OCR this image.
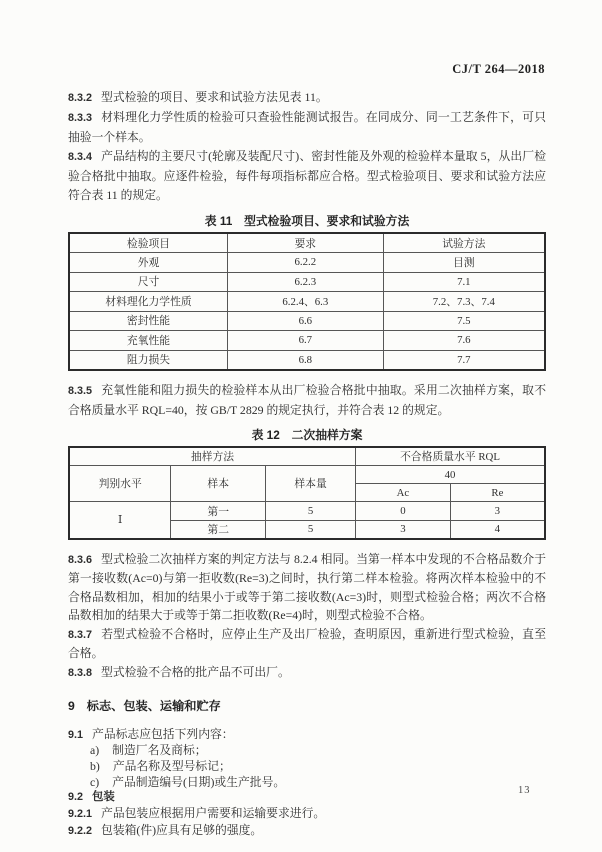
CJ/T 264—2018

8.3.2 型式检验的项目、要求和试验方法见表 11。

8.3.3 材料理化力学性质的检验可只查验性能测试报告。在同成分、同一工艺条件下，可只抽验一个样本。

8.3.4 产品结构的主要尺寸(轮廓及装配尺寸)、密封性能及外观的检验样本量取 5，从出厂检验合格批中抽取。应逐件检验，每件每项指标都应合格。型式检验项目、要求和试验方法应符合表 11 的规定。

表 11　型式检验项目、要求和试验方法
检验项目	要求	试验方法
外观	6.2.2	目测
尺寸	6.2.3	7.1
材料理化力学性质	6.2.4、6.3	7.2、7.3、7.4
密封性能	6.6	7.5
充氧性能	6.7	7.6
阻力损失	6.8	7.7

8.3.5 充氧性能和阻力损失的检验样本从出厂检验合格批中抽取。采用二次抽样方案，取不合格质量水平 RQL=40，按 GB/T 2829 的规定执行，并符合表 12 的规定。

表 12　二次抽样方案
抽样方法			不合格质量水平 RQL	
判别水平	样本	样本量	40	
			Ac	Re
Ⅰ	第一	5	0	3
	第二	5	3	4

8.3.6 型式检验二次抽样方案的判定方法与 8.2.4 相同。当第一样本中发现的不合格品数介于第一接收数(Ac=0)与第一拒收数(Re=3)之间时，执行第二样本检验。将两次样本检验中的不合格品数相加，相加的结果小于或等于第二接收数(Ac=3)时，则型式检验合格；两次不合格品数相加的结果大于或等于第二拒收数(Re=4)时，则型式检验不合格。

8.3.7 若型式检验不合格时，应停止生产及出厂检验，查明原因，重新进行型式检验，直至合格。

8.3.8 型式检验不合格的批产品不可出厂。

9 标志、包装、运输和贮存

9.1 产品标志应包括下列内容：

a) 制造厂名及商标；

b) 产品名称及型号标记；

c) 产品制造编号(日期)或生产批号。

9.2 包装

9.2.1 产品包装应根据用户需要和运输要求进行。

9.2.2 包装箱(件)应具有足够的强度。

13
